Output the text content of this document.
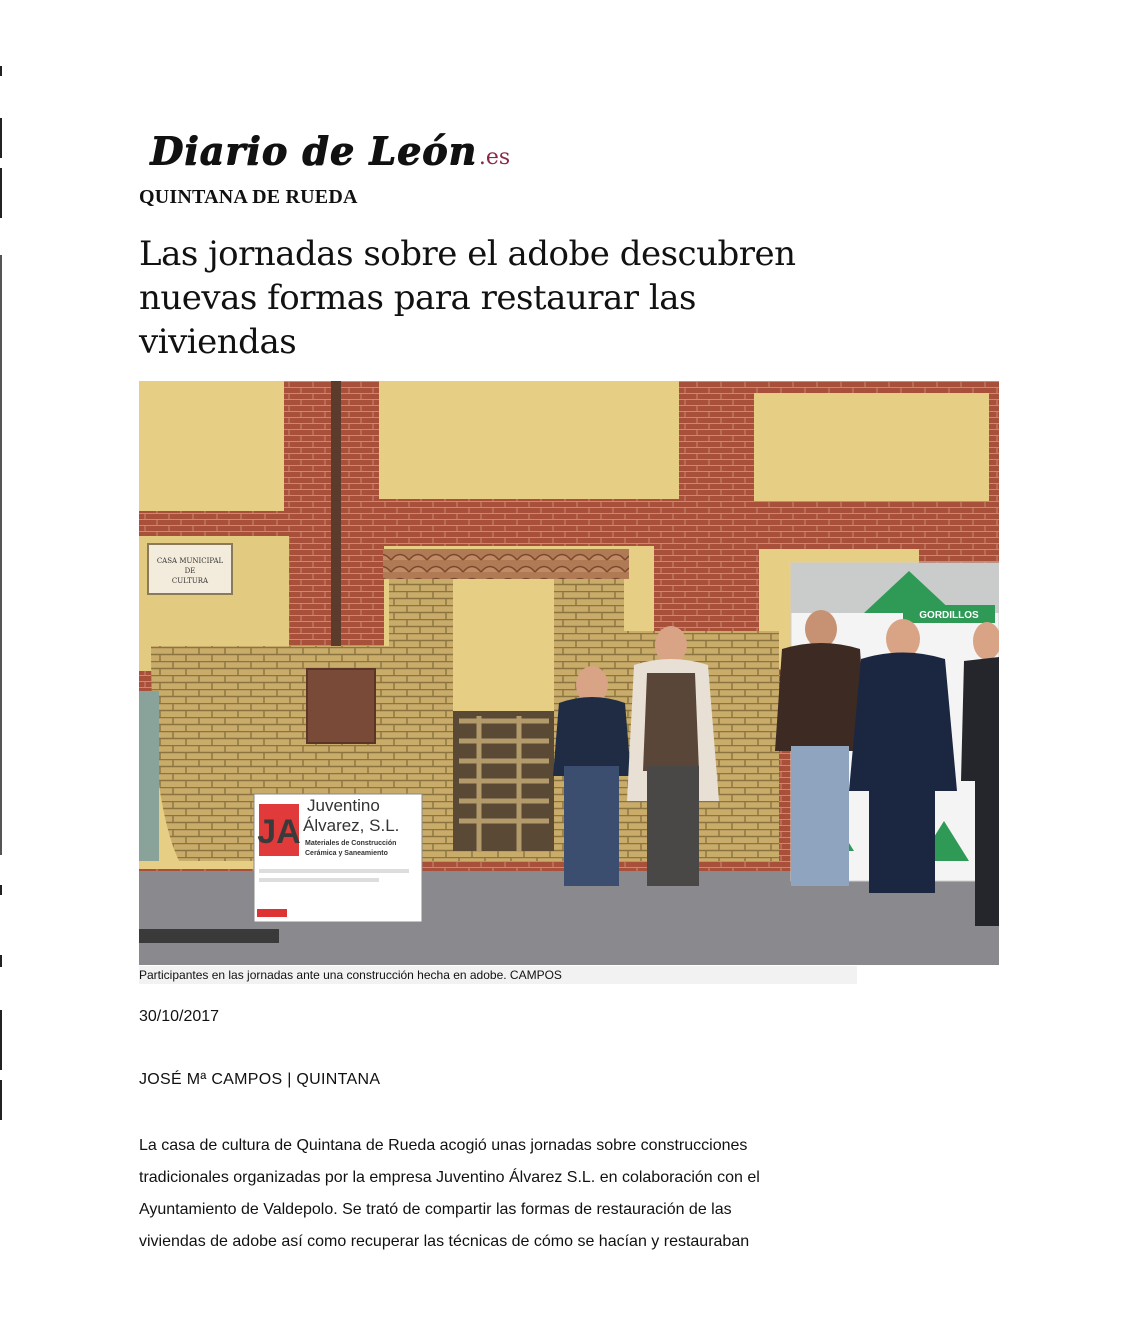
Diario de León.es
QUINTANA DE RUEDA
Las jornadas sobre el adobe descubren
nuevas formas para restaurar las
viviendas
CASA MUNICIPAL
DE
CULTURA
JA
Juventino
Álvarez, S.L.
Materiales de Construcción
Cerámica y Saneamiento
GORDILLOS
Participantes en las jornadas ante una construcción hecha en adobe. CAMPOS
30/10/2017
JOSÉ Mª CAMPOS | QUINTANA
La casa de cultura de Quintana de Rueda acogió unas jornadas sobre construcciones
tradicionales organizadas por la empresa Juventino Álvarez S.L. en colaboración con el
Ayuntamiento de Valdepolo. Se trató de compartir las formas de restauración de las
viviendas de adobe así como recuperar las técnicas de cómo se hacían y restauraban
